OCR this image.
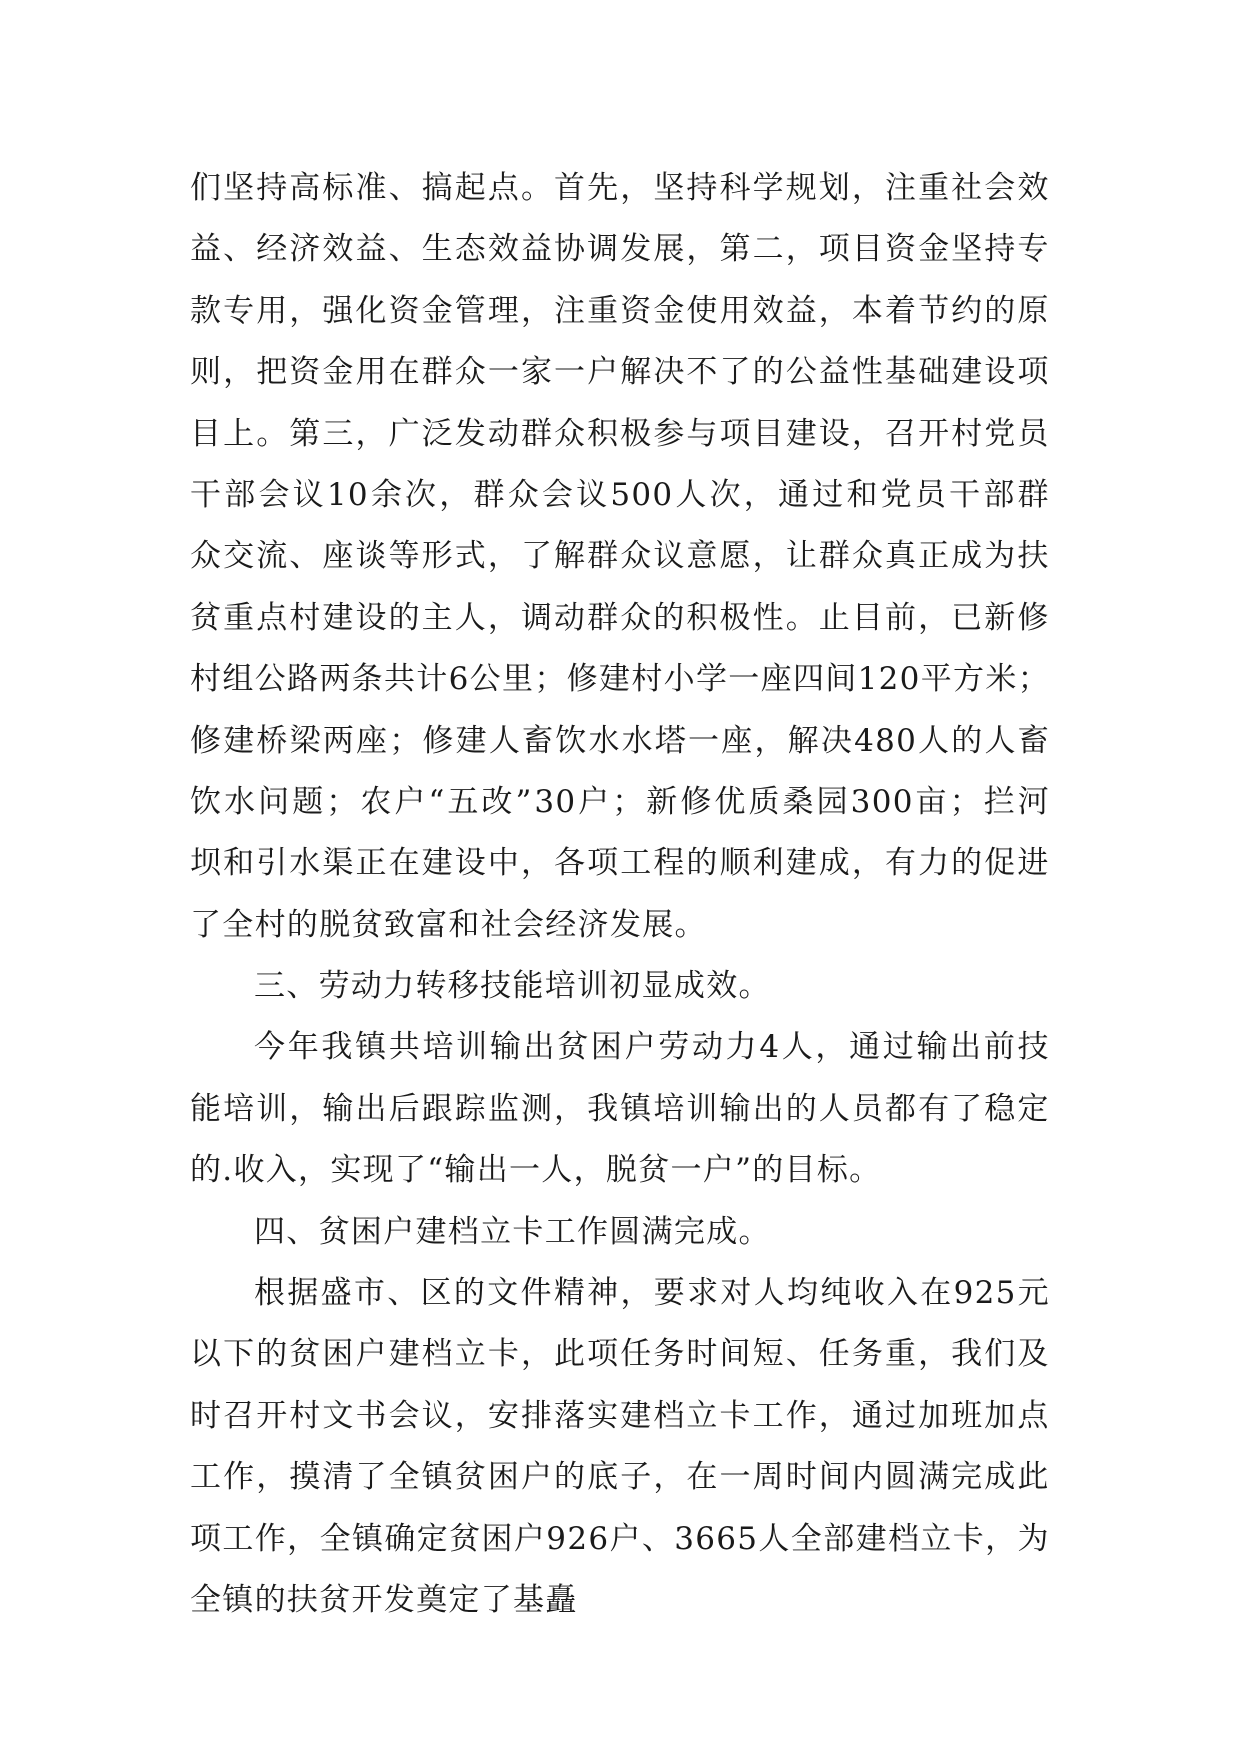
们 坚 持 高 标 准 、 搞 起 点 。 首 先 ， 坚 持 科 学 规 划 ， 注 重 社 会 效
益 、 经 济 效 益 、 生 态 效 益 协 调 发 展 ， 第 二 ， 项 目 资 金 坚 持 专
款 专 用 ， 强 化 资 金 管 理 ， 注 重 资 金 使 用 效 益 ， 本 着 节 约 的 原
则 ， 把 资 金 用 在 群 众 一 家 一 户 解 决 不 了 的 公 益 性 基 础 建 设 项
目 上 。 第 三 ， 广 泛 发 动 群 众 积 极 参 与 项 目 建 设 ， 召 开 村 党 员
干 部 会 议 10 余 次 ， 群 众 会 议 500 人 次 ， 通 过 和 党 员 干 部 群
众 交 流 、 座 谈 等 形 式 ， 了 解 群 众 议 意 愿 ， 让 群 众 真 正 成 为 扶
贫 重 点 村 建 设 的 主 人 ， 调 动 群 众 的 积 极 性 。 止 目 前 ， 已 新 修
村 组 公 路 两 条 共 计 6 公 里 ； 修 建 村 小 学 一 座 四 间 120 平 方 米 ；
修 建 桥 梁 两 座 ； 修 建 人 畜 饮 水 水 塔 一 座 ， 解 决 480 人 的 人 畜
饮 水 问 题 ； 农 户 “ 五 改 ” 30 户 ； 新 修 优 质 桑 园 300 亩 ； 拦 河
坝 和 引 水 渠 正 在 建 设 中 ， 各 项 工 程 的 顺 利 建 成 ， 有 力 的 促 进
了全村的脱贫致富和社会经济发展。
三、劳动力转移技能培训初显成效。
今 年 我 镇 共 培 训 输 出 贫 困 户 劳 动 力 4 人 ， 通 过 输 出 前 技
能 培 训 ， 输 出 后 跟 踪 监 测 ， 我 镇 培 训 输 出 的 人 员 都 有 了 稳 定
的.收入，实现了“输出一人，脱贫一户”的目标。
四、贫困户建档立卡工作圆满完成。
根 据 盛 市 、 区 的 文 件 精 神 ， 要 求 对 人 均 纯 收 入 在 925 元
以 下 的 贫 困 户 建 档 立 卡 ， 此 项 任 务 时 间 短 、 任 务 重 ， 我 们 及
时 召 开 村 文 书 会 议 ， 安 排 落 实 建 档 立 卡 工 作 ， 通 过 加 班 加 点
工 作 ， 摸 清 了 全 镇 贫 困 户 的 底 子 ， 在 一 周 时 间 内 圆 满 完 成 此
项 工 作 ， 全 镇 确 定 贫 困 户 926 户 、 3665 人 全 部 建 档 立 卡 ， 为
全镇的扶贫开发奠定了基矗
